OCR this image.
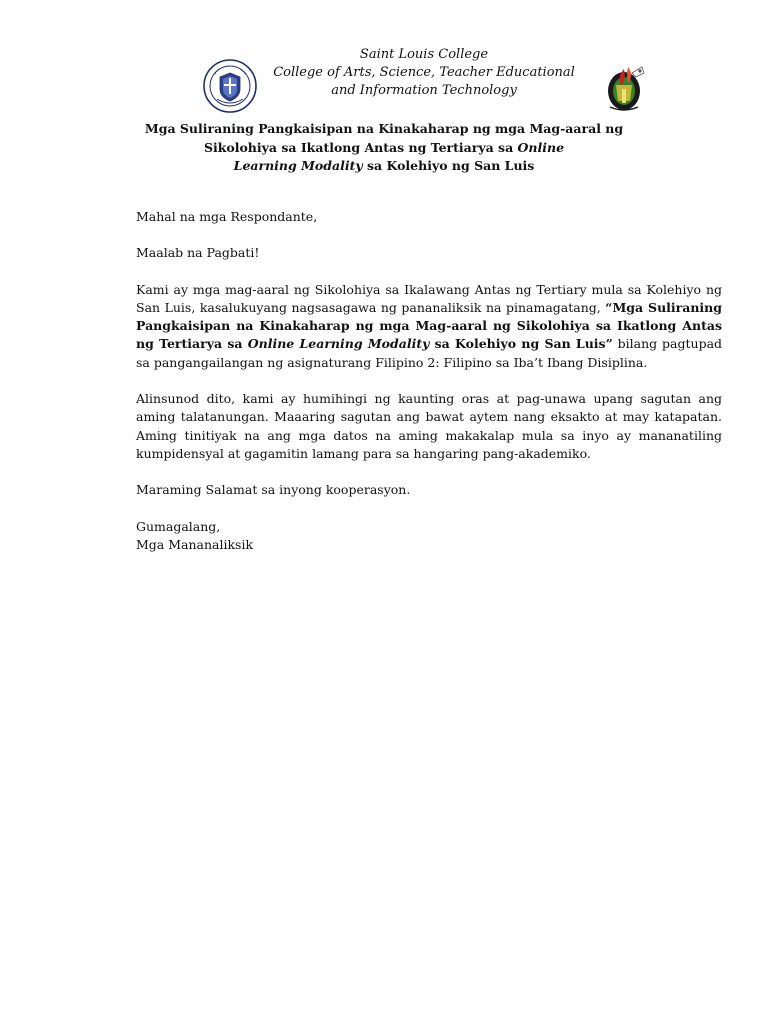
Saint Louis College
College of Arts, Science, Teacher Educational
and Information Technology
Mga Suliraning Pangkaisipan na Kinakaharap ng mga Mag-aaral ng
Sikolohiya sa Ikatlong Antas ng Tertiarya sa Online
Learning Modality sa Kolehiyo ng San Luis

Mahal na mga Respondante,

Maalab na Pagbati!

Kami ay mga mag-aaral ng Sikolohiya sa Ikalawang Antas ng Tertiary mula sa Kolehiyo ng San Luis, kasalukuyang nagsasagawa ng pananaliksik na pinamagatang, “Mga Suliraning Pangkaisipan na Kinakaharap ng mga Mag-aaral ng Sikolohiya sa Ikatlong Antas ng Tertiarya sa Online Learning Modality sa Kolehiyo ng San Luis” bilang pagtupad sa pangangailangan ng asignaturang Filipino 2: Filipino sa Iba’t Ibang Disiplina.

Alinsunod dito, kami ay humihingi ng kaunting oras at pag-unawa upang sagutan ang aming talatanungan. Maaaring sagutan ang bawat aytem nang eksakto at may katapatan. Aming tinitiyak na ang mga datos na aming makakalap mula sa inyo ay mananatiling kumpidensyal at gagamitin lamang para sa hangaring pang-akademiko.

Maraming Salamat sa inyong kooperasyon.

Gumagalang,

Mga Mananaliksik
